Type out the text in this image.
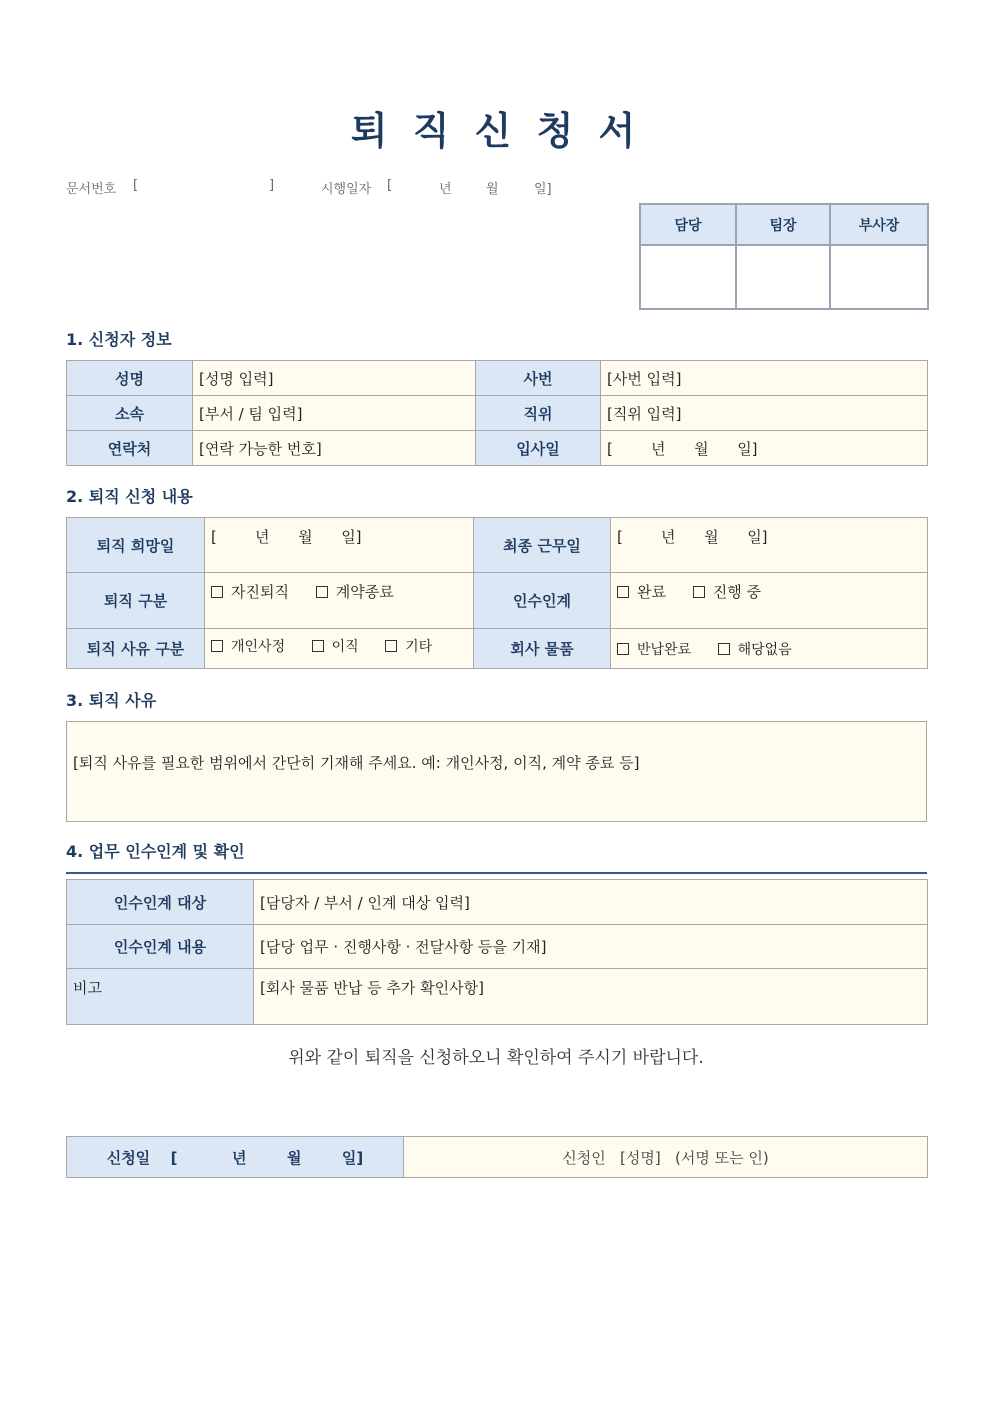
퇴 직 신 청 서
문서번호 [	]	시행일자 [	년	월	일]
담당	팀장	부사장

1. 신청자 정보
성명	[성명 입력]	사번	[사번 입력]
소속	[부서 / 팀 입력]	직위	[직위 입력]
연락처	[연락 가능한 번호]	입사일	[        년      월      일]
2. 퇴직 신청 내용
퇴직 희망일	[        년      월      일]	최종 근무일	[        년      월      일]
퇴직 구분	자진퇴직 계약종료	인수인계	완료 진행 중
퇴직 사유 구분	개인사정 이직 기타	회사 물품	반납완료 해당없음
3. 퇴직 사유
[퇴직 사유를 필요한 범위에서 간단히 기재해 주세요. 예: 개인사정, 이직, 계약 종료 등]
4. 업무 인수인계 및 확인
인수인계 대상	[담당자 / 부서 / 인계 대상 입력]
인수인계 내용	[담당 업무 · 진행사항 · 전달사항 등을 기재]
비고	[회사 물품 반납 등 추가 확인사항]
위와 같이 퇴직을 신청하오니 확인하여 주시기 바랍니다.
신청일 [	년	월	일]	신청인   [성명]   (서명 또는 인)
